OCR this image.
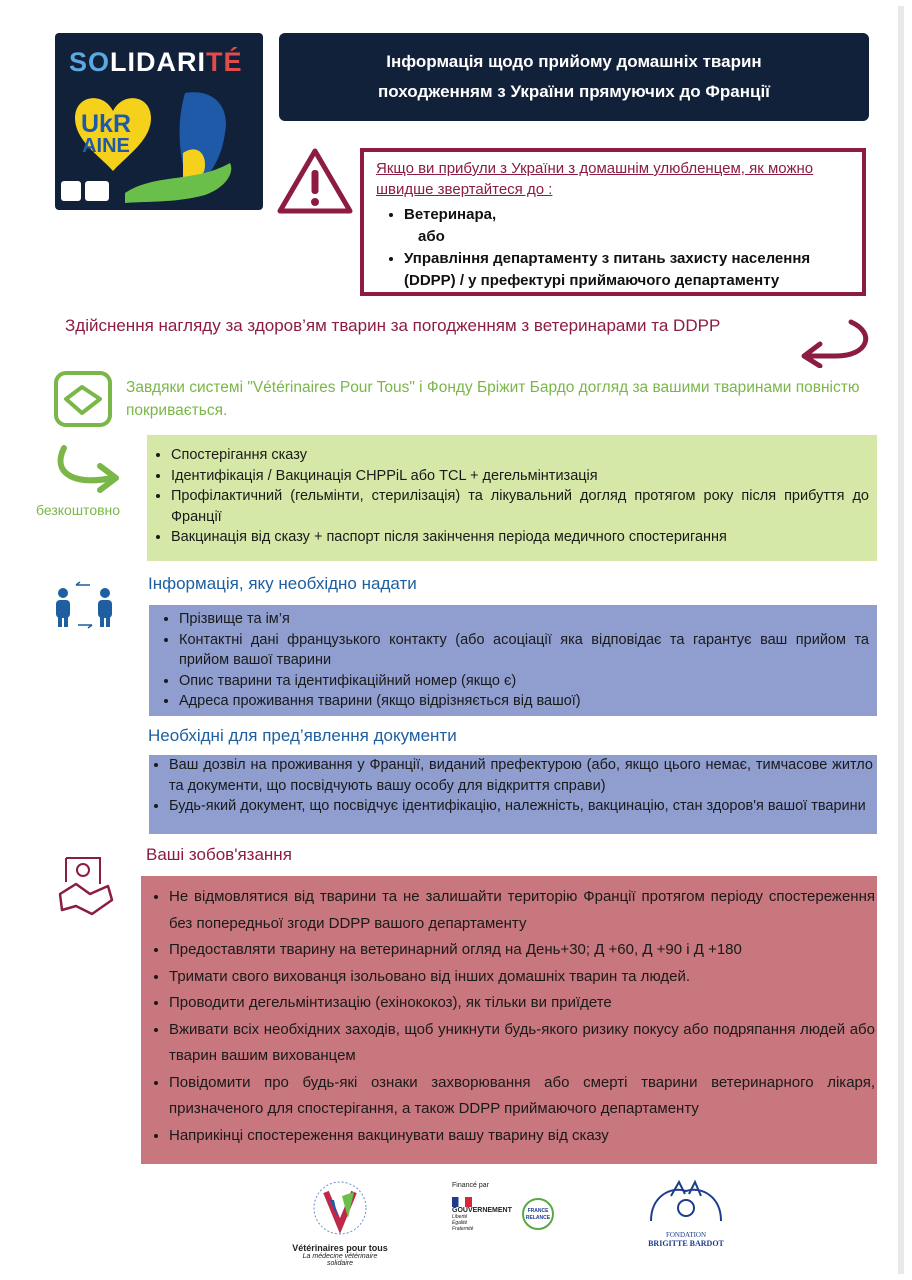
SOLIDARITÉ
UkR
AINE
Інформація щодо прийому домашніх тварин
походженням з України прямуючих до Франції
Якщо ви прибули з України з домашнім улюбленцем, як можно швидше звертайтеся до :
• Ветеринара,
або
• Управління департаменту з питань захисту населення (DDPP) / у префектурі приймаючого департаменту
Здійснення нагляду за здоров’ям тварин за погодженням з ветеринарами та DDPP
Завдяки системі "Vétérinaires Pour Tous" і Фонду Бріжит Бардо догляд за вашими тваринами повністю покривається.
безкоштовно
• Спостерігання сказу
• Ідентифікація / Вакцинація CHPPiL або TCL + дегельмінтизація
• Профілактичний (гельмінти, стерилізація) та лікувальний догляд протягом року після прибуття до Франції
• Вакцинація від сказу + паспорт після закінчення періода медичного спостеригання
Інформація, яку необхідно надати
• Прізвище та ім’я
• Контактні дані французького контакту (або асоціації яка відповідає та гарантує ваш прийом та прийом вашої тварини
• Опис тварини та ідентифікаційний номер (якщо є)
• Адреса проживання тварини (якщо відрізняється від вашої)
Необхідні для пред’явлення документи
• Ваш дозвіл на проживання у Франції, виданий префектурою (або, якщо цього немає, тимчасове житло та документи, що посвідчують вашу особу для відкриття справи)
• Будь-який документ, що посвідчує ідентифікацію, належність, вакцинацію, стан здоров'я вашої тварини
Ваші зобов'язання
• Не відмовлятися від тварини та не залишайти територію Франції протягом періоду спостереження без попередньої згоди DDPP вашого департаменту
• Предоставляти тварину на ветеринарний огляд на День+30; Д +60, Д +90 і Д +180
• Тримати свого вихованця ізольовано від інших домашніх тварин та людей.
• Проводити дегельмінтизацію (ехінококоз), як тільки ви приїдете
• Вживати всіх необхідних заходів, щоб уникнути будь-якого ризику покусу або подряпання людей або тварин вашим вихованцем
• Повідомити про будь-які ознаки захворювання або смерті тварини ветеринарного лікаря, призначеного для спостерігання, а також DDPP приймаючого департаменту
• Наприкінці спостереження вакцинувати вашу тварину від сказу
Vétérinaires pour tous
La médecine vétérinaire solidaire
Financé par
GOUVERNEMENT
Liberté Égalité Fraternité
FRANCE RELANCE
FONDATION
BRIGITTE BARDOT
